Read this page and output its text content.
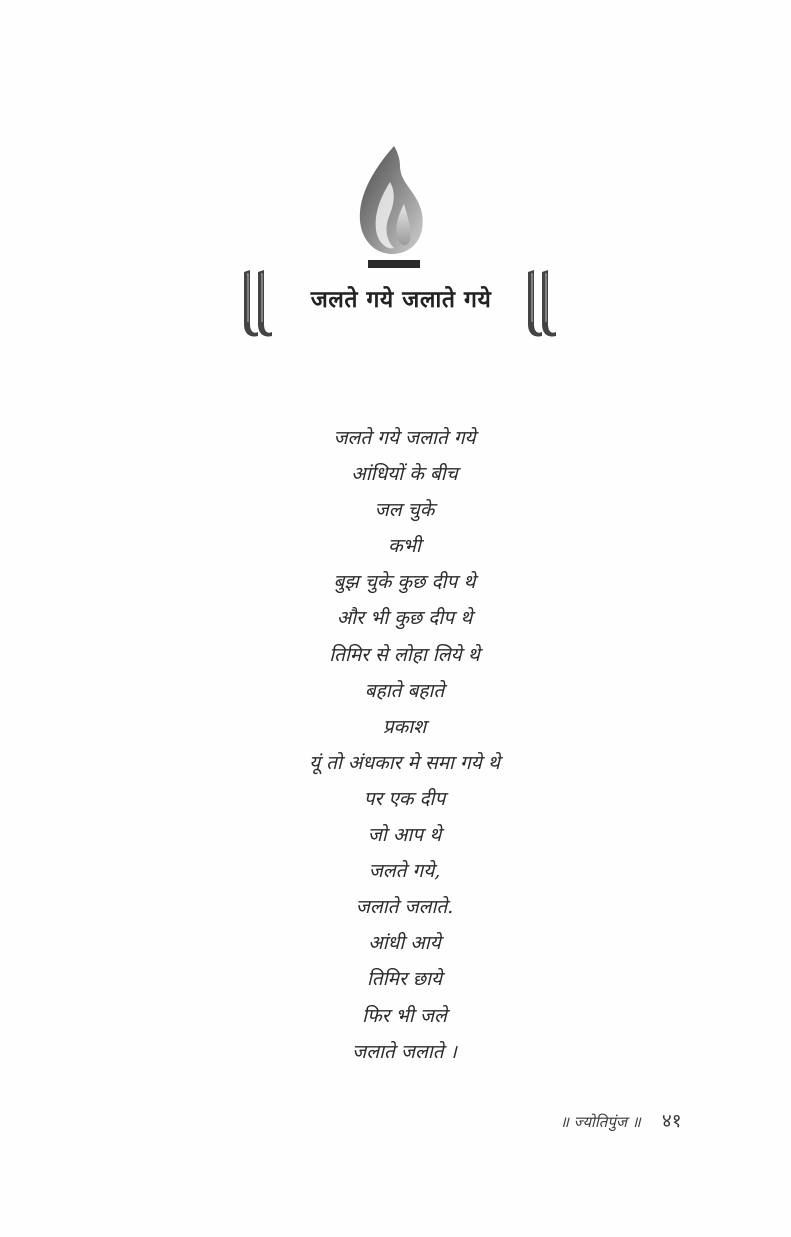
जलते गये जलाते गये
जलते गये जलाते गये
आंधियों के बीच
जल चुके
कभी
बुझ चुके कुछ दीप थे
और भी कुछ दीप थे
तिमिर से लोहा लिये थे
बहाते बहाते
प्रकाश
यूं तो अंधकार मे समा गये थे
पर एक दीप
जो आप थे
जलते गये,
जलाते जलाते.
आंधी आये
तिमिर छाये
फिर भी जले
जलाते जलाते ।
॥ ज्योतिपुंज ॥ ४१
